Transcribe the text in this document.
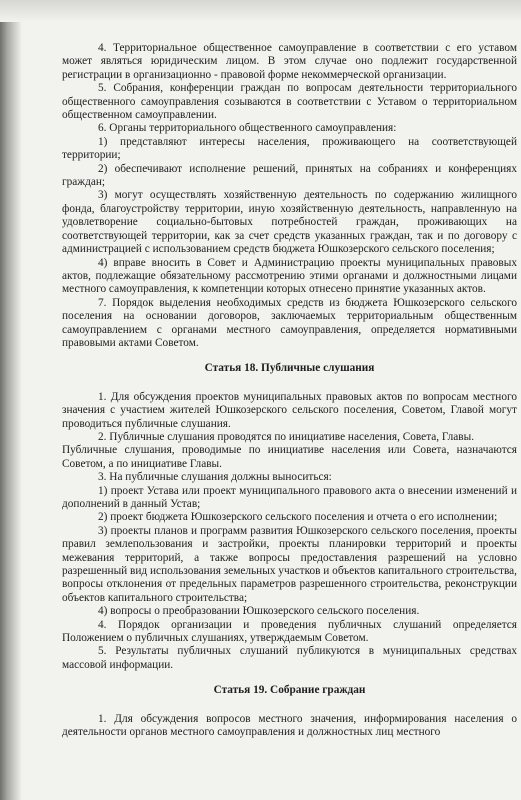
4. Территориальное общественное самоуправление в соответствии с его уставом может являться юридическим лицом. В этом случае оно подлежит государственной регистрации в организационно - правовой форме некоммерческой организации.

5. Собрания, конференции граждан по вопросам деятельности территориального общественного самоуправления созываются в соответствии с Уставом о территориальном общественном самоуправлении.

6. Органы территориального общественного самоуправления:

1) представляют интересы населения, проживающего на соответствующей территории;

2) обеспечивают исполнение решений, принятых на собраниях и конференциях граждан;

3) могут осуществлять хозяйственную деятельность по содержанию жилищного фонда, благоустройству территории, иную хозяйственную деятельность, направленную на удовлетворение социально-бытовых потребностей граждан, проживающих на соответствующей территории, как за счет средств указанных граждан, так и по договору с администрацией с использованием средств бюджета Юшкозерского сельского поселения;

4) вправе вносить в Совет и Администрацию проекты муниципальных правовых актов, подлежащие обязательному рассмотрению этими органами и должностными лицами местного самоуправления, к компетенции которых отнесено принятие указанных актов.

7. Порядок выделения необходимых средств из бюджета Юшкозерского сельского поселения на основании договоров, заключаемых территориальным общественным самоуправлением с органами местного самоуправления, определяется нормативными правовыми актами Советом.

Статья 18. Публичные слушания

1. Для обсуждения проектов муниципальных правовых актов по вопросам местного значения с участием жителей Юшкозерского сельского поселения, Советом, Главой могут проводиться публичные слушания.

2. Публичные слушания проводятся по инициативе населения, Совета, Главы.

Публичные слушания, проводимые по инициативе населения или Совета, назначаются Советом, а по инициативе Главы.

3. На публичные слушания должны выноситься:

1) проект Устава или проект муниципального правового акта о внесении изменений и дополнений в данный Устав;

2) проект бюджета Юшкозерского сельского поселения и отчета о его исполнении;

3) проекты планов и программ развития Юшкозерского сельского поселения, проекты правил землепользования и застройки, проекты планировки территорий и проекты межевания территорий, а также вопросы предоставления разрешений на условно разрешенный вид использования земельных участков и объектов капитального строительства, вопросы отклонения от предельных параметров разрешенного строительства, реконструкции объектов капитального строительства;

4) вопросы о преобразовании Юшкозерского сельского поселения.

4. Порядок организации и проведения публичных слушаний определяется Положением о публичных слушаниях, утверждаемым Советом.

5. Результаты публичных слушаний публикуются в муниципальных средствах массовой информации.

Статья 19. Собрание граждан

1. Для обсуждения вопросов местного значения, информирования населения о деятельности органов местного самоуправления и должностных лиц местного
